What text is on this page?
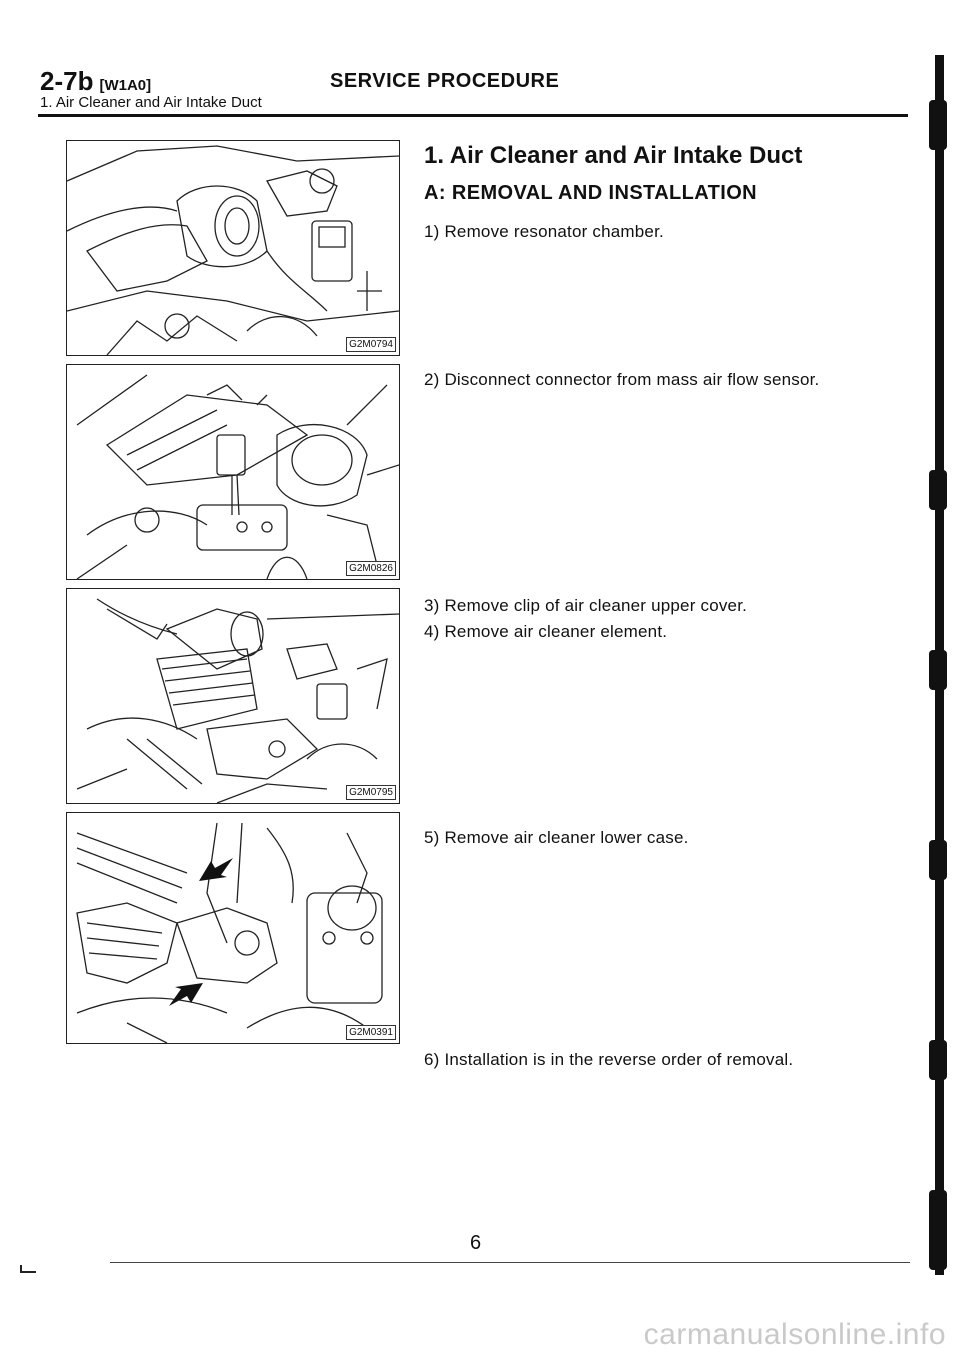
2-7b [W1A0]	SERVICE PROCEDURE
1. Air Cleaner and Air Intake Duct
G2M0794
G2M0826
G2M0795
G2M0391
1. Air Cleaner and Air Intake Duct
A: REMOVAL AND INSTALLATION
1) Remove resonator chamber.
2) Disconnect connector from mass air flow sensor.
3) Remove clip of air cleaner upper cover.
4) Remove air cleaner element.
5) Remove air cleaner lower case.
6) Installation is in the reverse order of removal.
6
carmanualsonline.info
